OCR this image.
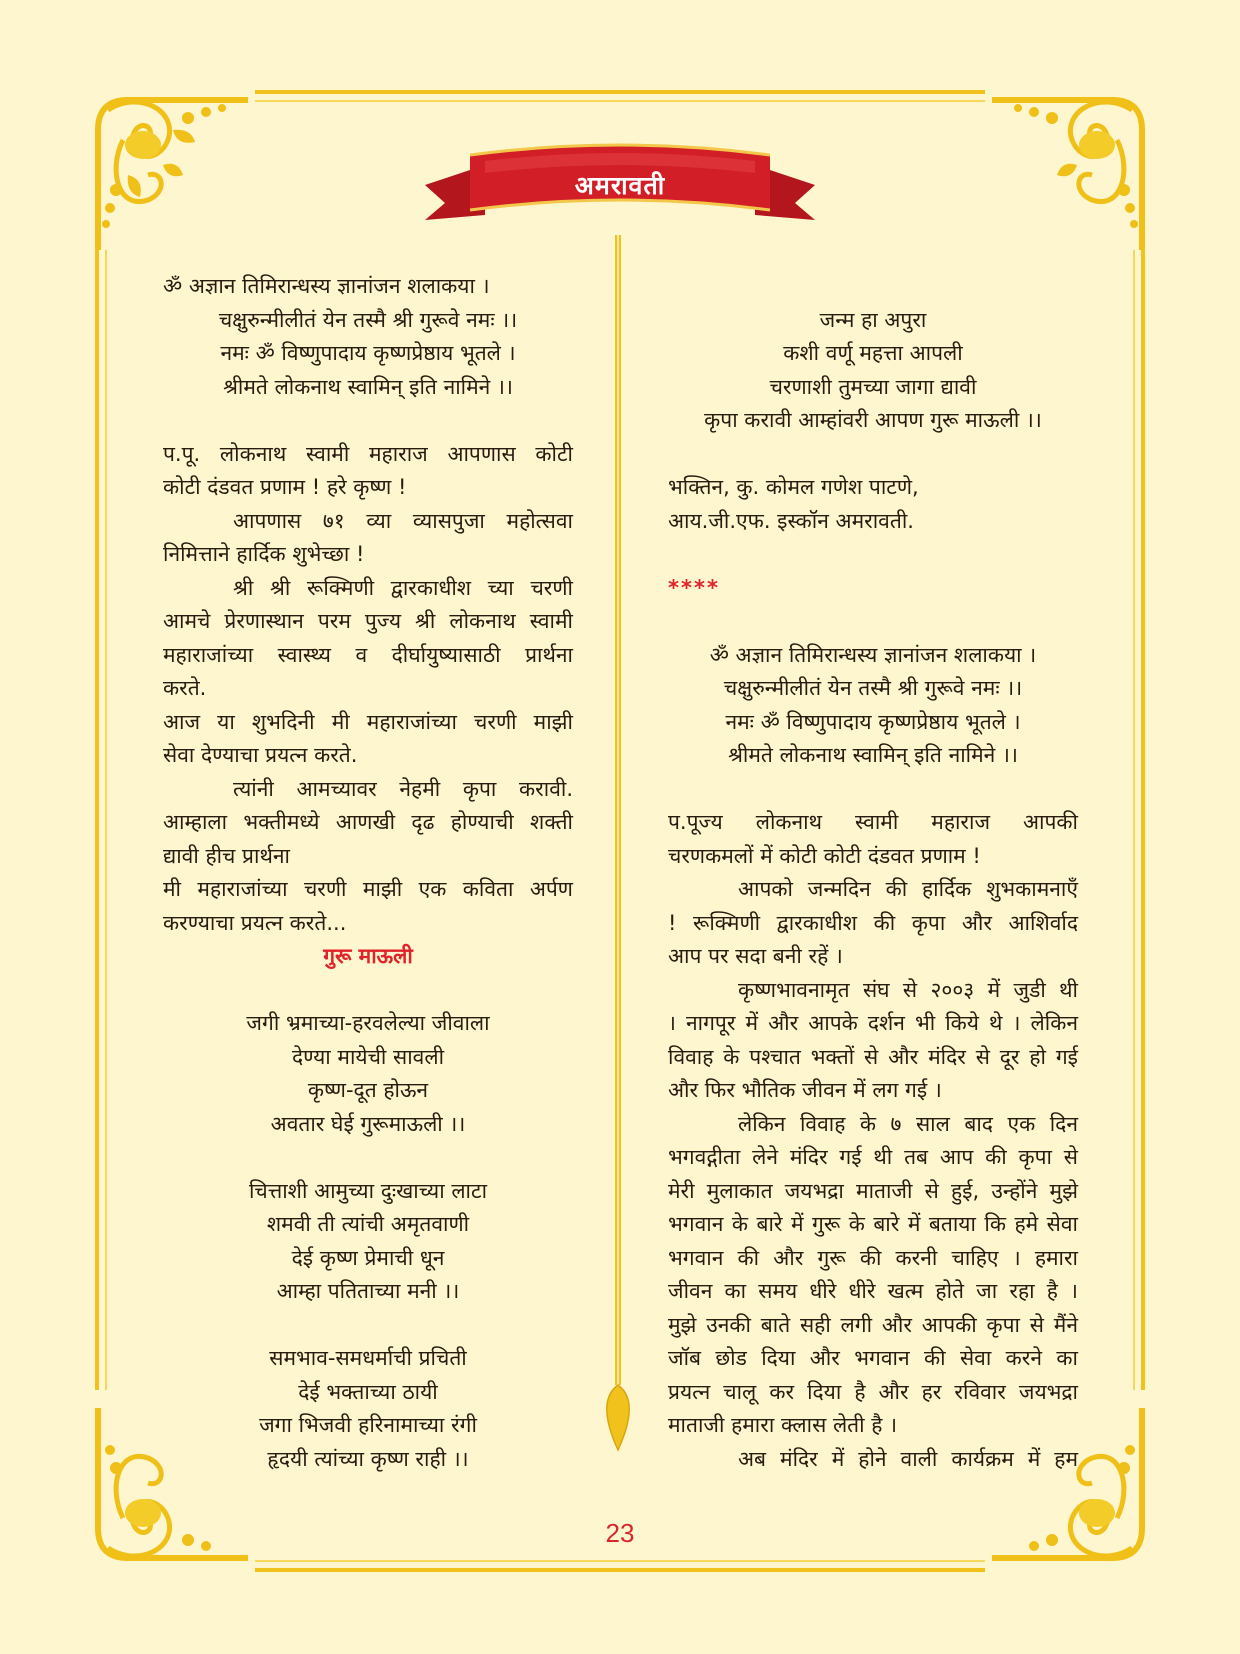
अमरावती
ॐ अज्ञान तिमिरान्धस्य ज्ञानांजन शलाकया ।
चक्षुरुन्मीलीतं येन तस्मै श्री गुरूवे नमः ।।
नमः ॐ विष्णुपादाय कृष्णप्रेष्ठाय भूतले ।
श्रीमते लोकनाथ स्वामिन् इति नामिने ।।
प.पू. लोकनाथ स्वामी महाराज आपणास कोटी
कोटी दंडवत प्रणाम ! हरे कृष्ण !
आपणास ७१ व्या व्यासपुजा महोत्सवा
निमित्ताने हार्दिक शुभेच्छा !
श्री श्री रूक्मिणी द्वारकाधीश च्या चरणी
आमचे प्रेरणास्थान परम पुज्य श्री लोकनाथ स्वामी
महाराजांच्या स्वास्थ्य व दीर्घायुष्यासाठी प्रार्थना
करते.
आज या शुभदिनी मी महाराजांच्या चरणी माझी
सेवा देण्याचा प्रयत्न करते.
त्यांनी आमच्यावर नेहमी कृपा करावी.
आम्हाला भक्तीमध्ये आणखी दृढ होण्याची शक्ती
द्यावी हीच प्रार्थना
मी महाराजांच्या चरणी माझी एक कविता अर्पण
करण्याचा प्रयत्न करते...
गुरू माऊली
जगी भ्रमाच्या-हरवलेल्या जीवाला
देण्या मायेची सावली
कृष्ण-दूत होऊन
अवतार घेई गुरूमाऊली ।।
चित्ताशी आमुच्या दुःखाच्या लाटा
शमवी ती त्यांची अमृतवाणी
देई कृष्ण प्रेमाची धून
आम्हा पतिताच्या मनी ।।
समभाव-समधर्माची प्रचिती
देई भक्ताच्या ठायी
जगा भिजवी हरिनामाच्या रंगी
हृदयी त्यांच्या कृष्ण राही ।।
जन्म हा अपुरा
कशी वर्णू महत्ता आपली
चरणाशी तुमच्या जागा द्यावी
कृपा करावी आम्हांवरी आपण गुरू माऊली ।।
भक्तिन, कु. कोमल गणेश पाटणे,
आय.जी.एफ. इस्कॉन अमरावती.
****
ॐ अज्ञान तिमिरान्धस्य ज्ञानांजन शलाकया ।
चक्षुरुन्मीलीतं येन तस्मै श्री गुरूवे नमः ।।
नमः ॐ विष्णुपादाय कृष्णप्रेष्ठाय भूतले ।
श्रीमते लोकनाथ स्वामिन् इति नामिने ।।
प.पूज्य लोकनाथ स्वामी महाराज आपकी
चरणकमलों में कोटी कोटी दंडवत प्रणाम !
आपको जन्मदिन की हार्दिक शुभकामनाएँ
! रूक्मिणी द्वारकाधीश की कृपा और आशिर्वाद
आप पर सदा बनी रहें ।
कृष्णभावनामृत संघ से २००३ में जुडी थी
। नागपूर में और आपके दर्शन भी किये थे । लेकिन
विवाह के पश्चात भक्तों से और मंदिर से दूर हो गई
और फिर भौतिक जीवन में लग गई ।
लेकिन विवाह के ७ साल बाद एक दिन
भगवद्गीता लेने मंदिर गई थी तब आप की कृपा से
मेरी मुलाकात जयभद्रा माताजी से हुई, उन्होंने मुझे
भगवान के बारे में गुरू के बारे में बताया कि हमे सेवा
भगवान की और गुरू की करनी चाहिए । हमारा
जीवन का समय धीरे धीरे खत्म होते जा रहा है ।
मुझे उनकी बाते सही लगी और आपकी कृपा से मैंने
जॉब छोड दिया और भगवान की सेवा करने का
प्रयत्न चालू कर दिया है और हर रविवार जयभद्रा
माताजी हमारा क्लास लेती है ।
अब मंदिर में होने वाली कार्यक्रम में हम
23
